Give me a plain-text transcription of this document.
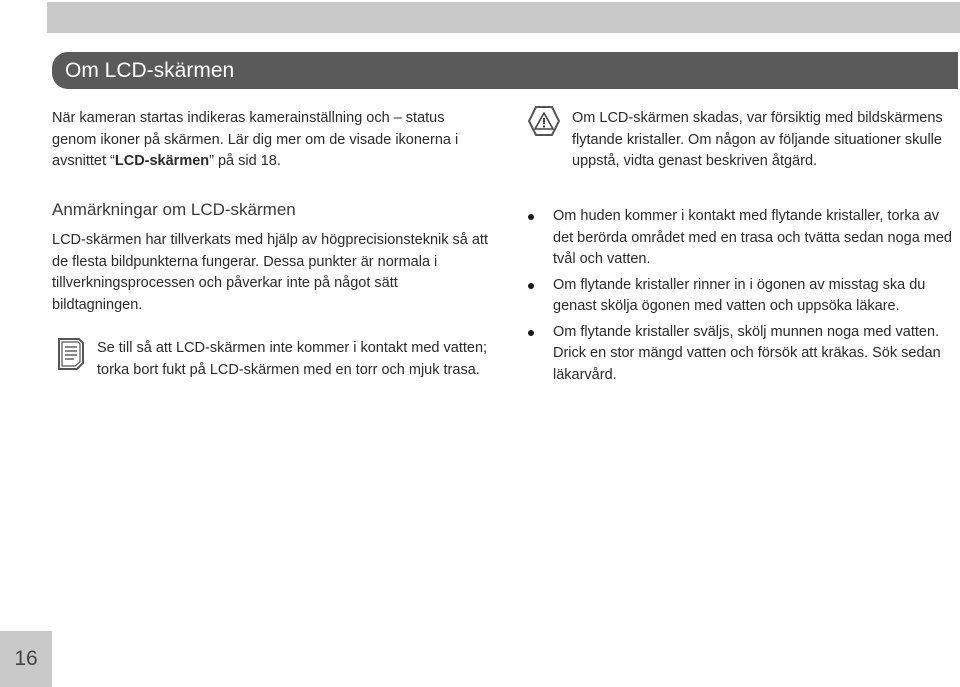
Om LCD-skärmen

När kameran startas indikeras kamerainställning och – status genom ikoner på skärmen. Lär dig mer om de visade ikonerna i avsnittet “LCD-skärmen” på sid 18.

Anmärkningar om LCD-skärmen

LCD-skärmen har tillverkats med hjälp av högprecisionsteknik så att de flesta bildpunkterna fungerar. Dessa punkter är normala i tillverkningsprocessen och påverkar inte på något sätt bildtagningen.

Se till så att LCD-skärmen inte kommer i kontakt med vatten; torka bort fukt på LCD-skärmen med en torr och mjuk trasa.

Om LCD-skärmen skadas, var försiktig med bildskärmens flytande kristaller. Om någon av följande situationer skulle uppstå, vidta genast beskriven åtgärd.

Om huden kommer i kontakt med flytande kristaller, torka av det berörda området med en trasa och tvätta sedan noga med tvål och vatten.
Om flytande kristaller rinner in i ögonen av misstag ska du genast skölja ögonen med vatten och uppsöka läkare.
Om flytande kristaller sväljs, skölj munnen noga med vatten. Drick en stor mängd vatten och försök att kräkas. Sök sedan läkarvård.
16
